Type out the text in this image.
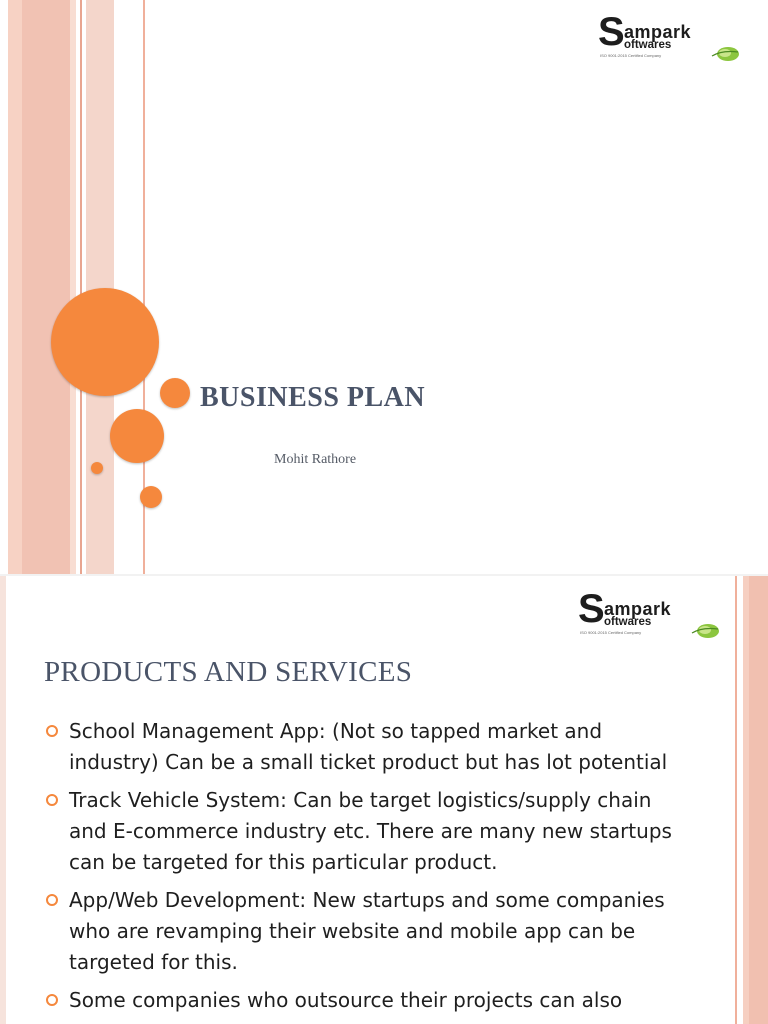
S ampark
oftwares
ISO 9001:2015 Certified Company
BUSINESS PLAN
Mohit Rathore
S ampark
oftwares
ISO 9001:2015 Certified Company
PRODUCTS AND SERVICES
School Management App: (Not so tapped market and industry) Can be a small ticket product but has lot potential
Track Vehicle System: Can be target logistics/supply chain and E-commerce industry etc. There are many new startups can be targeted for this particular product.
App/Web Development: New startups and some companies who are revamping their website and mobile app can be targeted for this.
Some companies who outsource their projects can also
